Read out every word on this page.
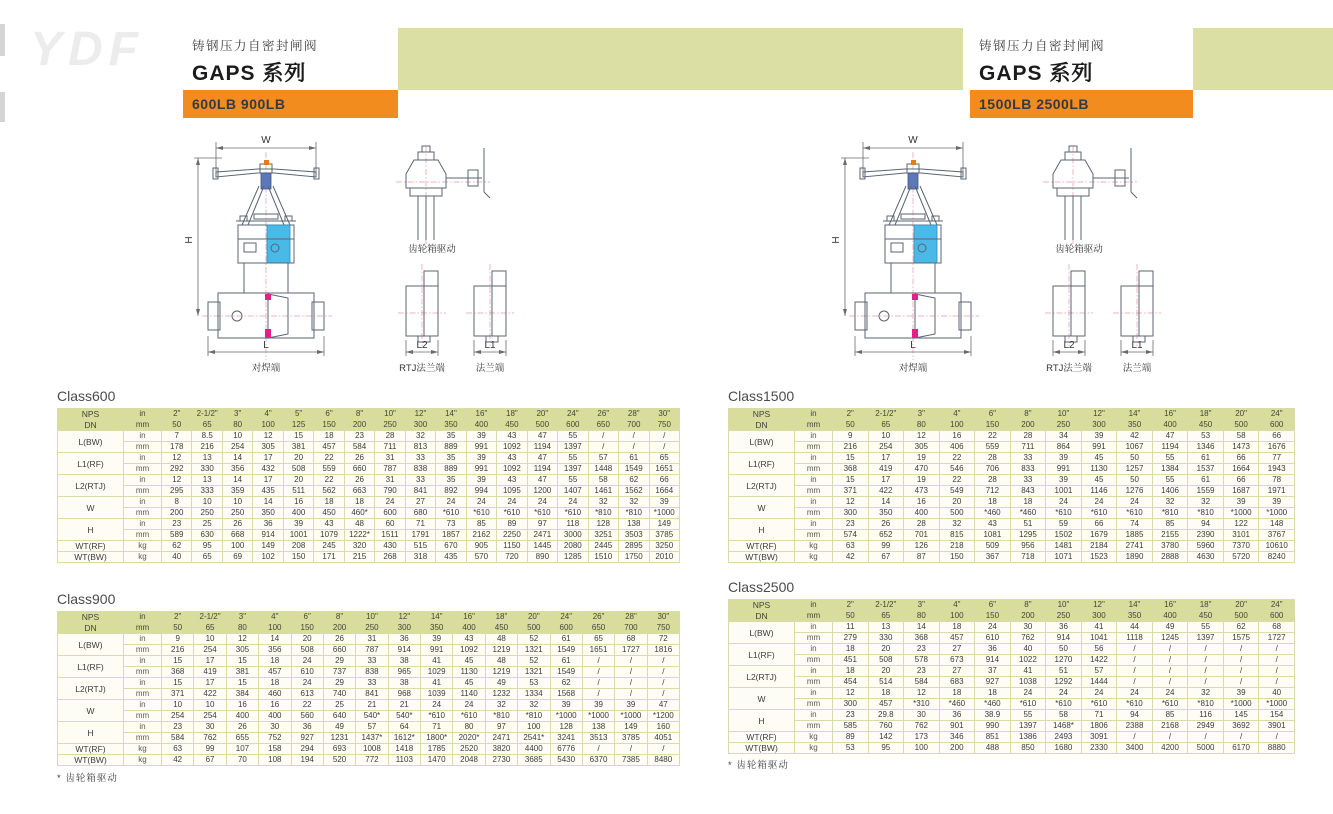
YDF	铸钢压力自密封闸阀
GAPS 系列
600LB 900LB
铸钢压力自密封闸阀
GAPS 系列
1500LB 2500LB
W
H
L
对焊端
齿轮箱驱动
L2
RTJ法兰端
L1
法兰端
W
H
L
对焊端
齿轮箱驱动
L2
RTJ法兰端
L1
法兰端
Class600
NPS	in	2"	2-1/2"	3"	4"	5"	6"	8"	10"	12"	14"	16"	18"	20"	24"	26"	28"	30"
DN	mm	50	65	80	100	125	150	200	250	300	350	400	450	500	600	650	700	750
L(BW)	in	7	8.5	10	12	15	18	23	28	32	35	39	43	47	55	/	/	/
	mm	178	216	254	305	381	457	584	711	813	889	991	1092	1194	1397	/	/	/
L1(RF)	in	12	13	14	17	20	22	26	31	33	35	39	43	47	55	57	61	65
	mm	292	330	356	432	508	559	660	787	838	889	991	1092	1194	1397	1448	1549	1651
L2(RTJ)	in	12	13	14	17	20	22	26	31	33	35	39	43	47	55	58	62	66
	mm	295	333	359	435	511	562	663	790	841	892	994	1095	1200	1407	1461	1562	1664
W	in	8	10	10	14	16	18	18	24	27	24	24	24	24	24	32	32	39
	mm	200	250	250	350	400	450	460*	600	680	*610	*610	*610	*610	*610	*810	*810	*1000
H	in	23	25	26	36	39	43	48	60	71	73	85	89	97	118	128	138	149
	mm	589	630	668	914	1001	1079	1222*	1511	1791	1857	2162	2250	2471	3000	3251	3503	3785
WT(RF)	kg	62	95	100	149	208	245	320	430	515	670	905	1150	1445	2080	2445	2895	3250
WT(BW)	kg	40	65	69	102	150	171	215	268	318	435	570	720	890	1285	1510	1750	2010
Class900
NPS	in	2"	2-1/2"	3"	4"	6"	8"	10"	12"	14"	16"	18"	20"	24"	26"	28"	30"
DN	mm	50	65	80	100	150	200	250	300	350	400	450	500	600	650	700	750
L(BW)	in	9	10	12	14	20	26	31	36	39	43	48	52	61	65	68	72
	mm	216	254	305	356	508	660	787	914	991	1092	1219	1321	1549	1651	1727	1816
L1(RF)	in	15	17	15	18	24	29	33	38	41	45	48	52	61	/	/	/
	mm	368	419	381	457	610	737	838	965	1029	1130	1219	1321	1549	/	/	/
L2(RTJ)	in	15	17	15	18	24	29	33	38	41	45	49	53	62	/	/	/
	mm	371	422	384	460	613	740	841	968	1039	1140	1232	1334	1568	/	/	/
W	in	10	10	16	16	22	25	21	21	24	24	32	32	39	39	39	47
	mm	254	254	400	400	560	640	540*	540*	*610	*610	*810	*810	*1000	*1000	*1000	*1200
H	in	23	30	26	30	36	49	57	64	71	80	97	100	128	138	149	160
	mm	584	762	655	752	927	1231	1437*	1612*	1800*	2020*	2471	2541*	3241	3513	3785	4051
WT(RF)	kg	63	99	107	158	294	693	1008	1418	1785	2520	3820	4400	6776	/	/	/
WT(BW)	kg	42	67	70	108	194	520	772	1103	1470	2048	2730	3685	5430	6370	7385	8480
Class1500
NPS	in	2"	2-1/2"	3"	4"	6"	8"	10"	12"	14"	16"	18"	20"	24"
DN	mm	50	65	80	100	150	200	250	300	350	400	450	500	600
L(BW)	in	9	10	12	16	22	28	34	39	42	47	53	58	66
	mm	216	254	305	406	559	711	864	991	1067	1194	1346	1473	1676
L1(RF)	in	15	17	19	22	28	33	39	45	50	55	61	66	77
	mm	368	419	470	546	706	833	991	1130	1257	1384	1537	1664	1943
L2(RTJ)	in	15	17	19	22	28	33	39	45	50	55	61	66	78
	mm	371	422	473	549	712	843	1001	1146	1276	1406	1559	1687	1971
W	in	12	14	16	20	18	18	24	24	24	32	32	39	39
	mm	300	350	400	500	*460	*460	*610	*610	*610	*810	*810	*1000	*1000
H	in	23	26	28	32	43	51	59	66	74	85	94	122	148
	mm	574	652	701	815	1081	1295	1502	1679	1885	2155	2390	3101	3767
WT(RF)	kg	63	99	126	218	509	956	1481	2184	2741	3780	5960	7370	10610
WT(BW)	kg	42	67	87	150	367	718	1071	1523	1890	2888	4630	5720	8240
Class2500
NPS	in	2"	2-1/2"	3"	4"	6"	8"	10"	12"	14"	16"	18"	20"	24"
DN	mm	50	65	80	100	150	200	250	300	350	400	450	500	600
L(BW)	in	11	13	14	18	24	30	36	41	44	49	55	62	68
	mm	279	330	368	457	610	762	914	1041	1118	1245	1397	1575	1727
L1(RF)	in	18	20	23	27	36	40	50	56	/	/	/	/	/
	mm	451	508	578	673	914	1022	1270	1422	/	/	/	/	/
L2(RTJ)	in	18	20	23	27	37	41	51	57	/	/	/	/	/
	mm	454	514	584	683	927	1038	1292	1444	/	/	/	/	/
W	in	12	18	12	18	18	24	24	24	24	24	32	39	40
	mm	300	457	*310	*460	*460	*610	*610	*610	*610	*610	*810	*1000	*1000
H	in	23	29.8	30	36	38.9	55	58	71	94	85	116	145	154
	mm	585	760	762	901	990	1397	1468*	1806	2388	2168	2949	3692	3901
WT(RF)	kg	89	142	173	346	851	1386	2493	3091	/	/	/	/	/
WT(BW)	kg	53	95	100	200	488	850	1680	2330	3400	4200	5000	6170	8880
* 齿轮箱驱动
* 齿轮箱驱动
